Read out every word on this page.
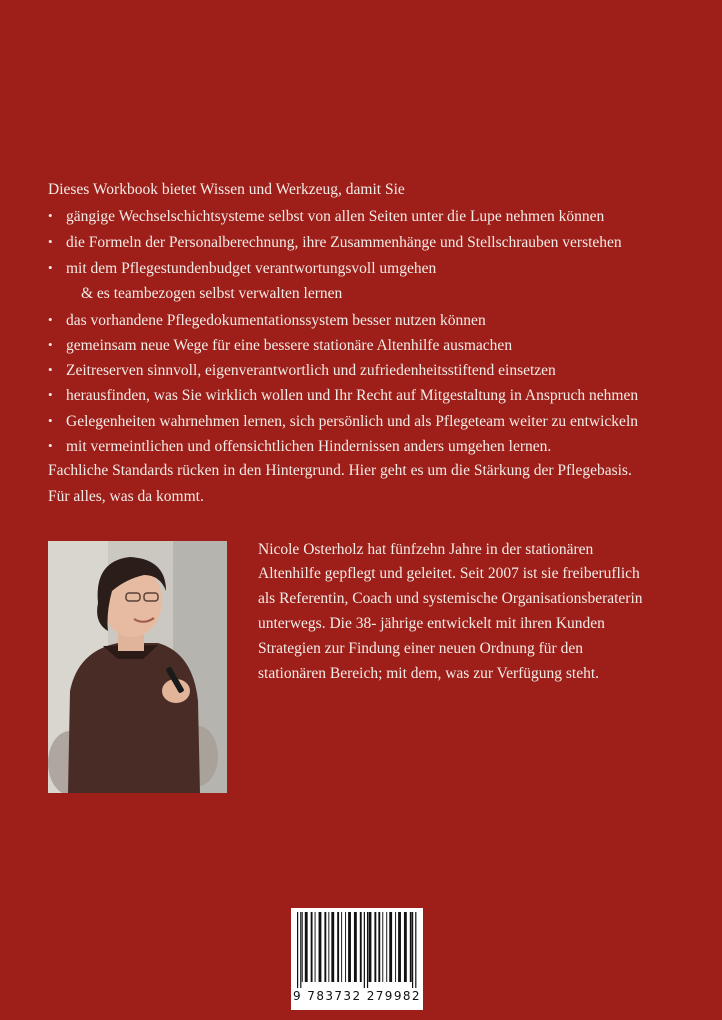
Dieses Workbook bietet Wissen und Werkzeug, damit Sie
• gängige Wechselschichtsysteme selbst von allen Seiten unter die Lupe nehmen können
• die Formeln der Personalberechnung, ihre Zusammenhänge und Stellschrauben verstehen
• mit dem Pflegestundenbudget verantwortungsvoll umgehen
& es teambezogen selbst verwalten lernen
• das vorhandene Pflegedokumentationssystem besser nutzen können
• gemeinsam neue Wege für eine bessere stationäre Altenhilfe ausmachen
• Zeitreserven sinnvoll, eigenverantwortlich und zufriedenheitsstiftend einsetzen
• herausfinden, was Sie wirklich wollen und Ihr Recht auf Mitgestaltung in Anspruch nehmen
• Gelegenheiten wahrnehmen lernen, sich persönlich und als Pflegeteam weiter zu entwickeln
• mit vermeintlichen und offensichtlichen Hindernissen anders umgehen lernen.
Fachliche Standards rücken in den Hintergrund. Hier geht es um die Stärkung der Pflegebasis.
Für alles, was da kommt.
Nicole Osterholz hat fünfzehn Jahre in der stationären
Altenhilfe gepflegt und geleitet. Seit 2007 ist sie freiberuflich
als Referentin, Coach und systemische Organisationsberaterin
unterwegs. Die 38- jährige entwickelt mit ihren Kunden
Strategien zur Findung einer neuen Ordnung für den
stationären Bereich; mit dem, was zur Verfügung steht.
9 783732 279982
